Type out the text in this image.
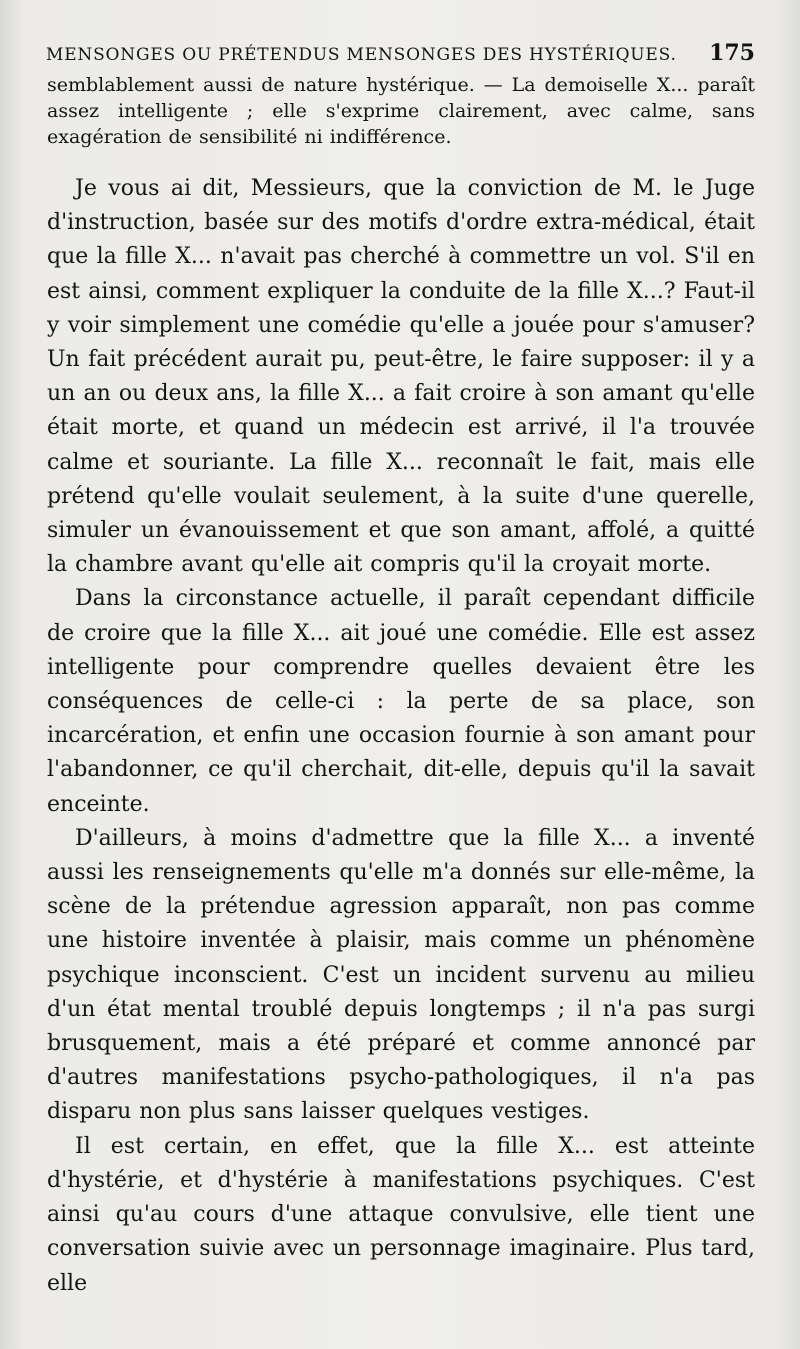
MENSONGES OU PRÉTENDUS MENSONGES DES HYSTÉRIQUES. 175

semblablement aussi de nature hystérique. — La demoiselle X... paraît assez intelligente ; elle s'exprime clairement, avec calme, sans exagération de sensibilité ni indifférence.

Je vous ai dit, Messieurs, que la conviction de M. le Juge d'instruction, basée sur des motifs d'ordre extra-médical, était que la fille X... n'avait pas cherché à commettre un vol. S'il en est ainsi, comment expliquer la conduite de la fille X...? Faut-il y voir simplement une comédie qu'elle a jouée pour s'amuser? Un fait précédent aurait pu, peut-être, le faire supposer: il y a un an ou deux ans, la fille X... a fait croire à son amant qu'elle était morte, et quand un médecin est arrivé, il l'a trouvée calme et souriante. La fille X... reconnaît le fait, mais elle prétend qu'elle voulait seulement, à la suite d'une querelle, simuler un évanouissement et que son amant, affolé, a quitté la chambre avant qu'elle ait compris qu'il la croyait morte.

Dans la circonstance actuelle, il paraît cependant difficile de croire que la fille X... ait joué une comédie. Elle est assez intelligente pour comprendre quelles devaient être les conséquences de celle-ci : la perte de sa place, son incarcération, et enfin une occasion fournie à son amant pour l'abandonner, ce qu'il cherchait, dit-elle, depuis qu'il la savait enceinte.

D'ailleurs, à moins d'admettre que la fille X... a inventé aussi les renseignements qu'elle m'a donnés sur elle-même, la scène de la prétendue agression apparaît, non pas comme une histoire inventée à plaisir, mais comme un phénomène psychique inconscient. C'est un incident survenu au milieu d'un état mental troublé depuis longtemps ; il n'a pas surgi brusquement, mais a été préparé et comme annoncé par d'autres manifestations psycho-pathologiques, il n'a pas disparu non plus sans laisser quelques vestiges.

Il est certain, en effet, que la fille X... est atteinte d'hystérie, et d'hystérie à manifestations psychiques. C'est ainsi qu'au cours d'une attaque convulsive, elle tient une conversation suivie avec un personnage imaginaire. Plus tard, elle
